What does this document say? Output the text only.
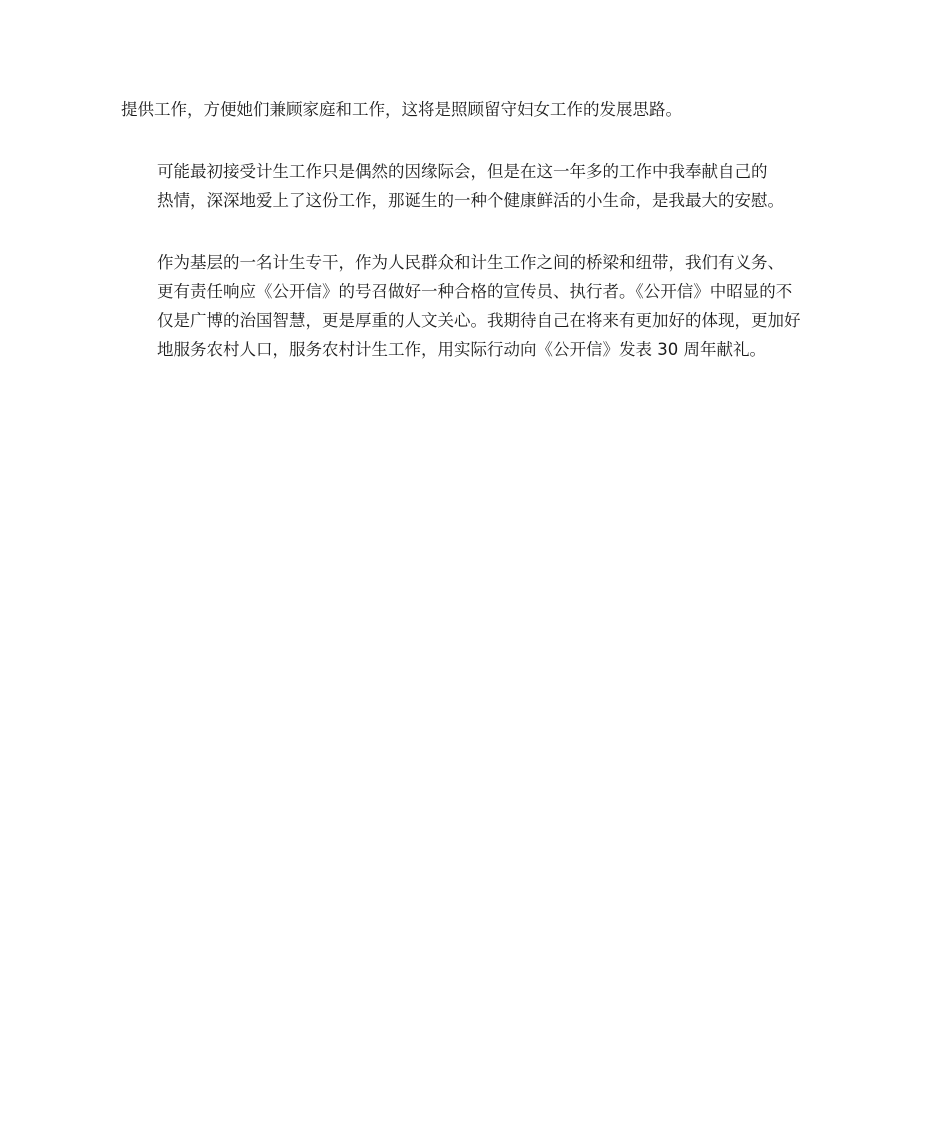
提供工作，方便她们兼顾家庭和工作，这将是照顾留守妇女工作的发展思路。

可能最初接受计生工作只是偶然的因缘际会，但是在这一年多的工作中我奉献自己的
热情，深深地爱上了这份工作，那诞生的一种个健康鲜活的小生命，是我最大的安慰。

作为基层的一名计生专干，作为人民群众和计生工作之间的桥梁和纽带，我们有义务、
更有责任响应《公开信》的号召做好一种合格的宣传员、执行者。《公开信》中昭显的不
仅是广博的治国智慧，更是厚重的人文关心。我期待自己在将来有更加好的体现，更加好
地服务农村人口，服务农村计生工作，用实际行动向《公开信》发表 30 周年献礼。
